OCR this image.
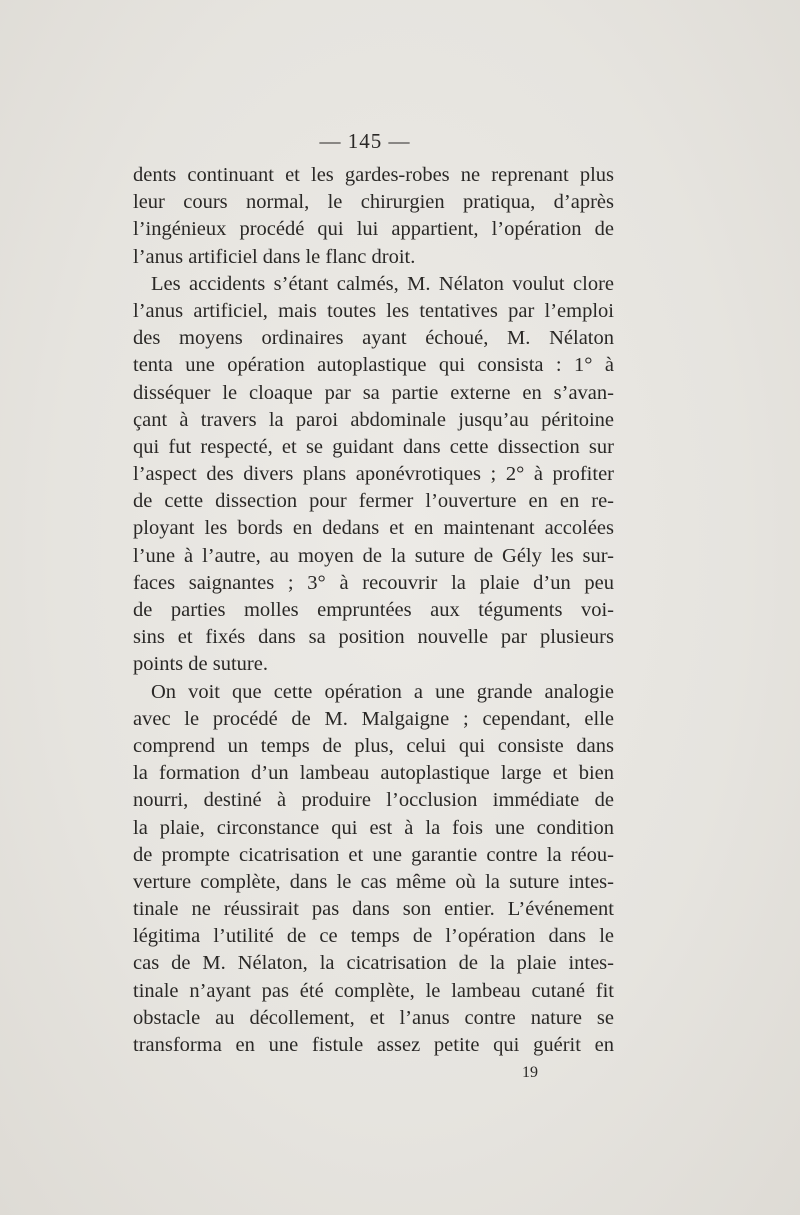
— 145 —
dents continuant et les gardes-robes ne reprenant plus
leur cours normal, le chirurgien pratiqua, d’après
l’ingénieux procédé qui lui appartient, l’opération de
l’anus artificiel dans le flanc droit.
Les accidents s’étant calmés, M. Nélaton voulut clore
l’anus artificiel, mais toutes les tentatives par l’emploi
des moyens ordinaires ayant échoué, M. Nélaton
tenta une opération autoplastique qui consista : 1° à
disséquer le cloaque par sa partie externe en s’avan-
çant à travers la paroi abdominale jusqu’au péritoine
qui fut respecté, et se guidant dans cette dissection sur
l’aspect des divers plans aponévrotiques ; 2° à profiter
de cette dissection pour fermer l’ouverture en en re-
ployant les bords en dedans et en maintenant accolées
l’une à l’autre, au moyen de la suture de Gély les sur-
faces saignantes ; 3° à recouvrir la plaie d’un peu
de parties molles empruntées aux téguments voi-
sins et fixés dans sa position nouvelle par plusieurs
points de suture.
On voit que cette opération a une grande analogie
avec le procédé de M. Malgaigne ; cependant, elle
comprend un temps de plus, celui qui consiste dans
la formation d’un lambeau autoplastique large et bien
nourri, destiné à produire l’occlusion immédiate de
la plaie, circonstance qui est à la fois une condition
de prompte cicatrisation et une garantie contre la réou-
verture complète, dans le cas même où la suture intes-
tinale ne réussirait pas dans son entier. L’événement
légitima l’utilité de ce temps de l’opération dans le
cas de M. Nélaton, la cicatrisation de la plaie intes-
tinale n’ayant pas été complète, le lambeau cutané fit
obstacle au décollement, et l’anus contre nature se
transforma en une fistule assez petite qui guérit en
19
